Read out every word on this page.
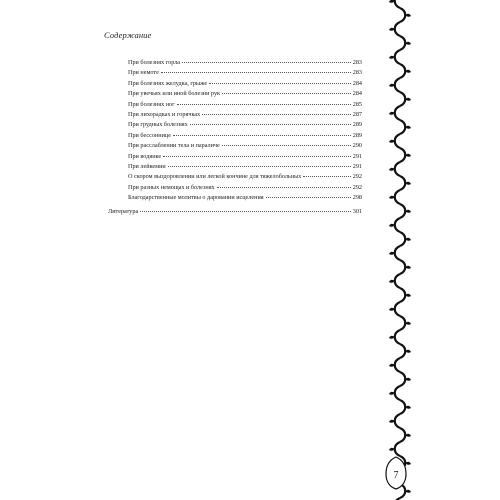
Содержание
При болезнях горла	283
При немоте	283
При болезнях желудка, грыже	284
При увечьях или иной болезни рук	284
При болезнях ног	285
При лихорадках и горячках	287
При грудных болезнях	289
При бессоннице	289
При расслаблении тела и параличе	290
При водянке	291
При лейкемии	291
О скором выздоровлении или легкой кончине для тяжелобольных	292
При разных немощах и болезнях	292
Благодарственные молитвы о даровании исцеления	298
Литература	301
7
